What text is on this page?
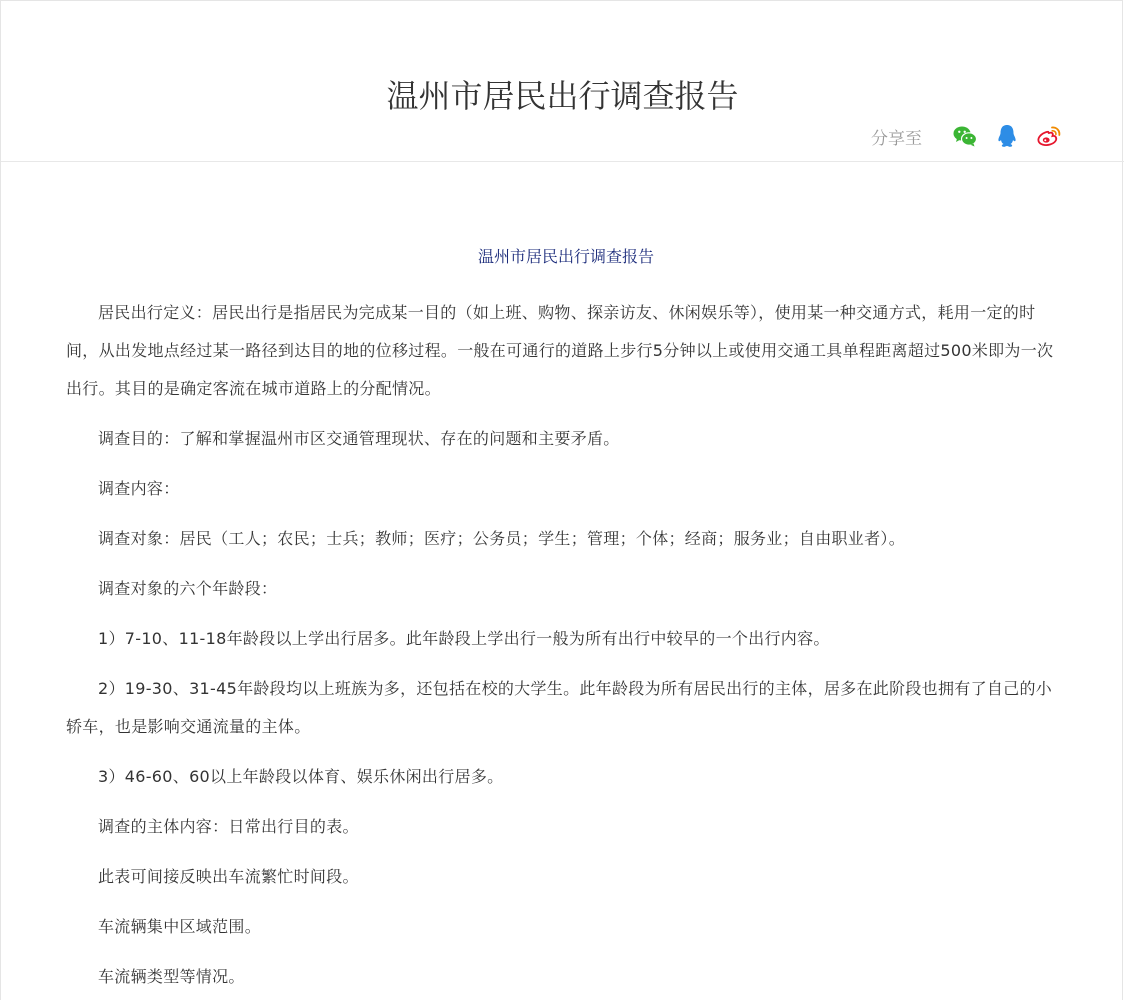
温州市居民出行调查报告
分享至
温州市居民出行调查报告

居民出行定义：居民出行是指居民为完成某一目的（如上班、购物、探亲访友、休闲娱乐等），使用某一种交通方式，耗用一定的时间，从出发地点经过某一路径到达目的地的位移过程。一般在可通行的道路上步行5分钟以上或使用交通工具单程距离超过500米即为一次出行。其目的是确定客流在城市道路上的分配情况。

调查目的：了解和掌握温州市区交通管理现状、存在的问题和主要矛盾。

调查内容：

调查对象：居民（工人；农民；士兵；教师；医疗；公务员；学生；管理；个体；经商；服务业；自由职业者）。

调查对象的六个年龄段：

1）7-10、11-18年龄段以上学出行居多。此年龄段上学出行一般为所有出行中较早的一个出行内容。

2）19-30、31-45年龄段均以上班族为多，还包括在校的大学生。此年龄段为所有居民出行的主体，居多在此阶段也拥有了自己的小轿车，也是影响交通流量的主体。

3）46-60、60以上年龄段以体育、娱乐休闲出行居多。

调查的主体内容：日常出行目的表。

此表可间接反映出车流繁忙时间段。

车流辆集中区域范围。

车流辆类型等情况。
